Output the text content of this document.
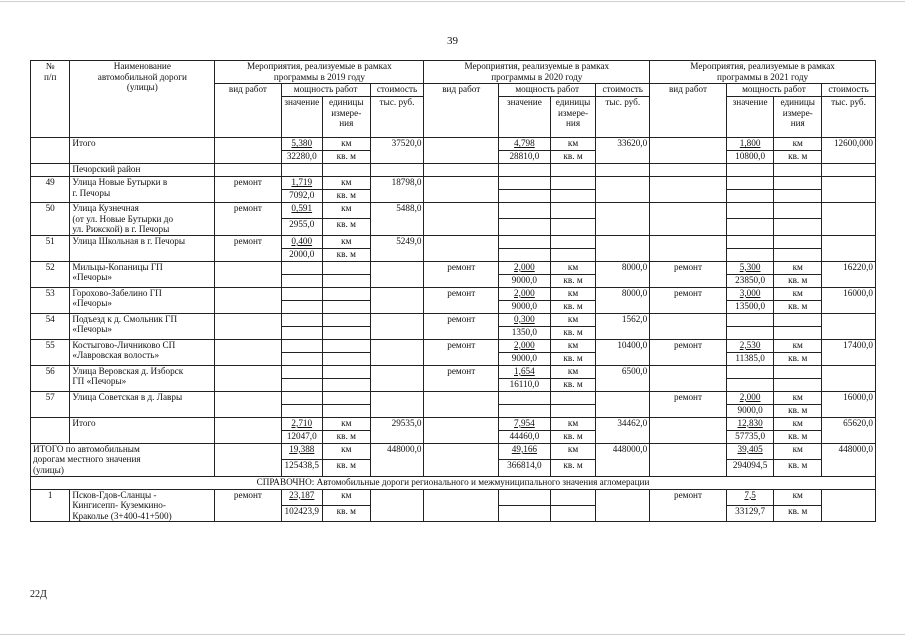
39
№
п/п	Наименование
автомобильной дороги
(улицы)	Мероприятия, реализуемые в рамках
программы в 2019 году				Мероприятия, реализуемые в рамках
программы в 2020 году				Мероприятия, реализуемые в рамках
программы в 2021 году			
		вид работ	мощность работ		стоимость	вид работ	мощность работ		стоимость	вид работ	мощность работ		стоимость
			значение	единицы
измере-
ния	тыс. руб.		значение	единицы
измере-
ния	тыс. руб.		значение	единицы
измере-
ния	тыс. руб.
	Итого		5,380	км	37520,0		4,798	км	33620,0		1,800	км	12600,000
			32280,0	кв. м			28810,0	кв. м			10800,0	кв. м	
	Печорский район												
49	Улица Новые Бутырки в
г. Печоры	ремонт	1,719	км	18798,0								
			7092,0	кв. м									
50	Улица Кузнечная
(от ул. Новые Бутырки до
ул. Рижской) в г. Печоры	ремонт	0,591	км	5488,0								
			2955,0	кв. м									
51	Улица Школьная в г. Печоры	ремонт	0,400	км	5249,0								
			2000,0	кв. м									
52	Мильцы-Копаницы ГП
«Печоры»					ремонт	2,000	км	8000,0	ремонт	5,300	км	16220,0
							9000,0	кв. м			23850,0	кв. м	
53	Горохово-Забелино ГП
«Печоры»					ремонт	2,000	км	8000,0	ремонт	3,000	км	16000,0
							9000,0	кв. м			13500,0	кв. м	
54	Подъезд к д. Смольник ГП
«Печоры»					ремонт	0,300	км	1562,0				
							1350,0	кв. м					
55	Костыгово-Личниково СП
«Лавровская волость»					ремонт	2,000	км	10400,0	ремонт	2,530	км	17400,0
							9000,0	кв. м			11385,0	кв. м	
56	Улица Веровская д. Изборск
ГП «Печоры»					ремонт	1,654	км	6500,0				
							16110,0	кв. м					
57	Улица Советская в д. Лавры									ремонт	2,000	км	16000,0
											9000,0	кв. м	
	Итого		2,710	км	29535,0		7,954	км	34462,0		12,830	км	65620,0
			12047,0	кв. м			44460,0	кв. м			57735,0	кв. м	
ИТОГО по автомобильным
дорогам местного значения
(улицы)			19,388	км	448000,0		49,166	км	448000,0		39,405	км	448000,0
			125438,5	кв. м			366814,0	кв. м			294094,5	кв. м	
СПРАВОЧНО: Автомобильные дороги регионального и межмуниципального значения агломерации													
1	Псков-Гдов-Сланцы -
Кингисепп- Куземкино-
Краколье (3+400-41+500)	ремонт	23,187	км						ремонт	7,5	км	
			102423,9	кв. м							33129,7	кв. м	
22Д
